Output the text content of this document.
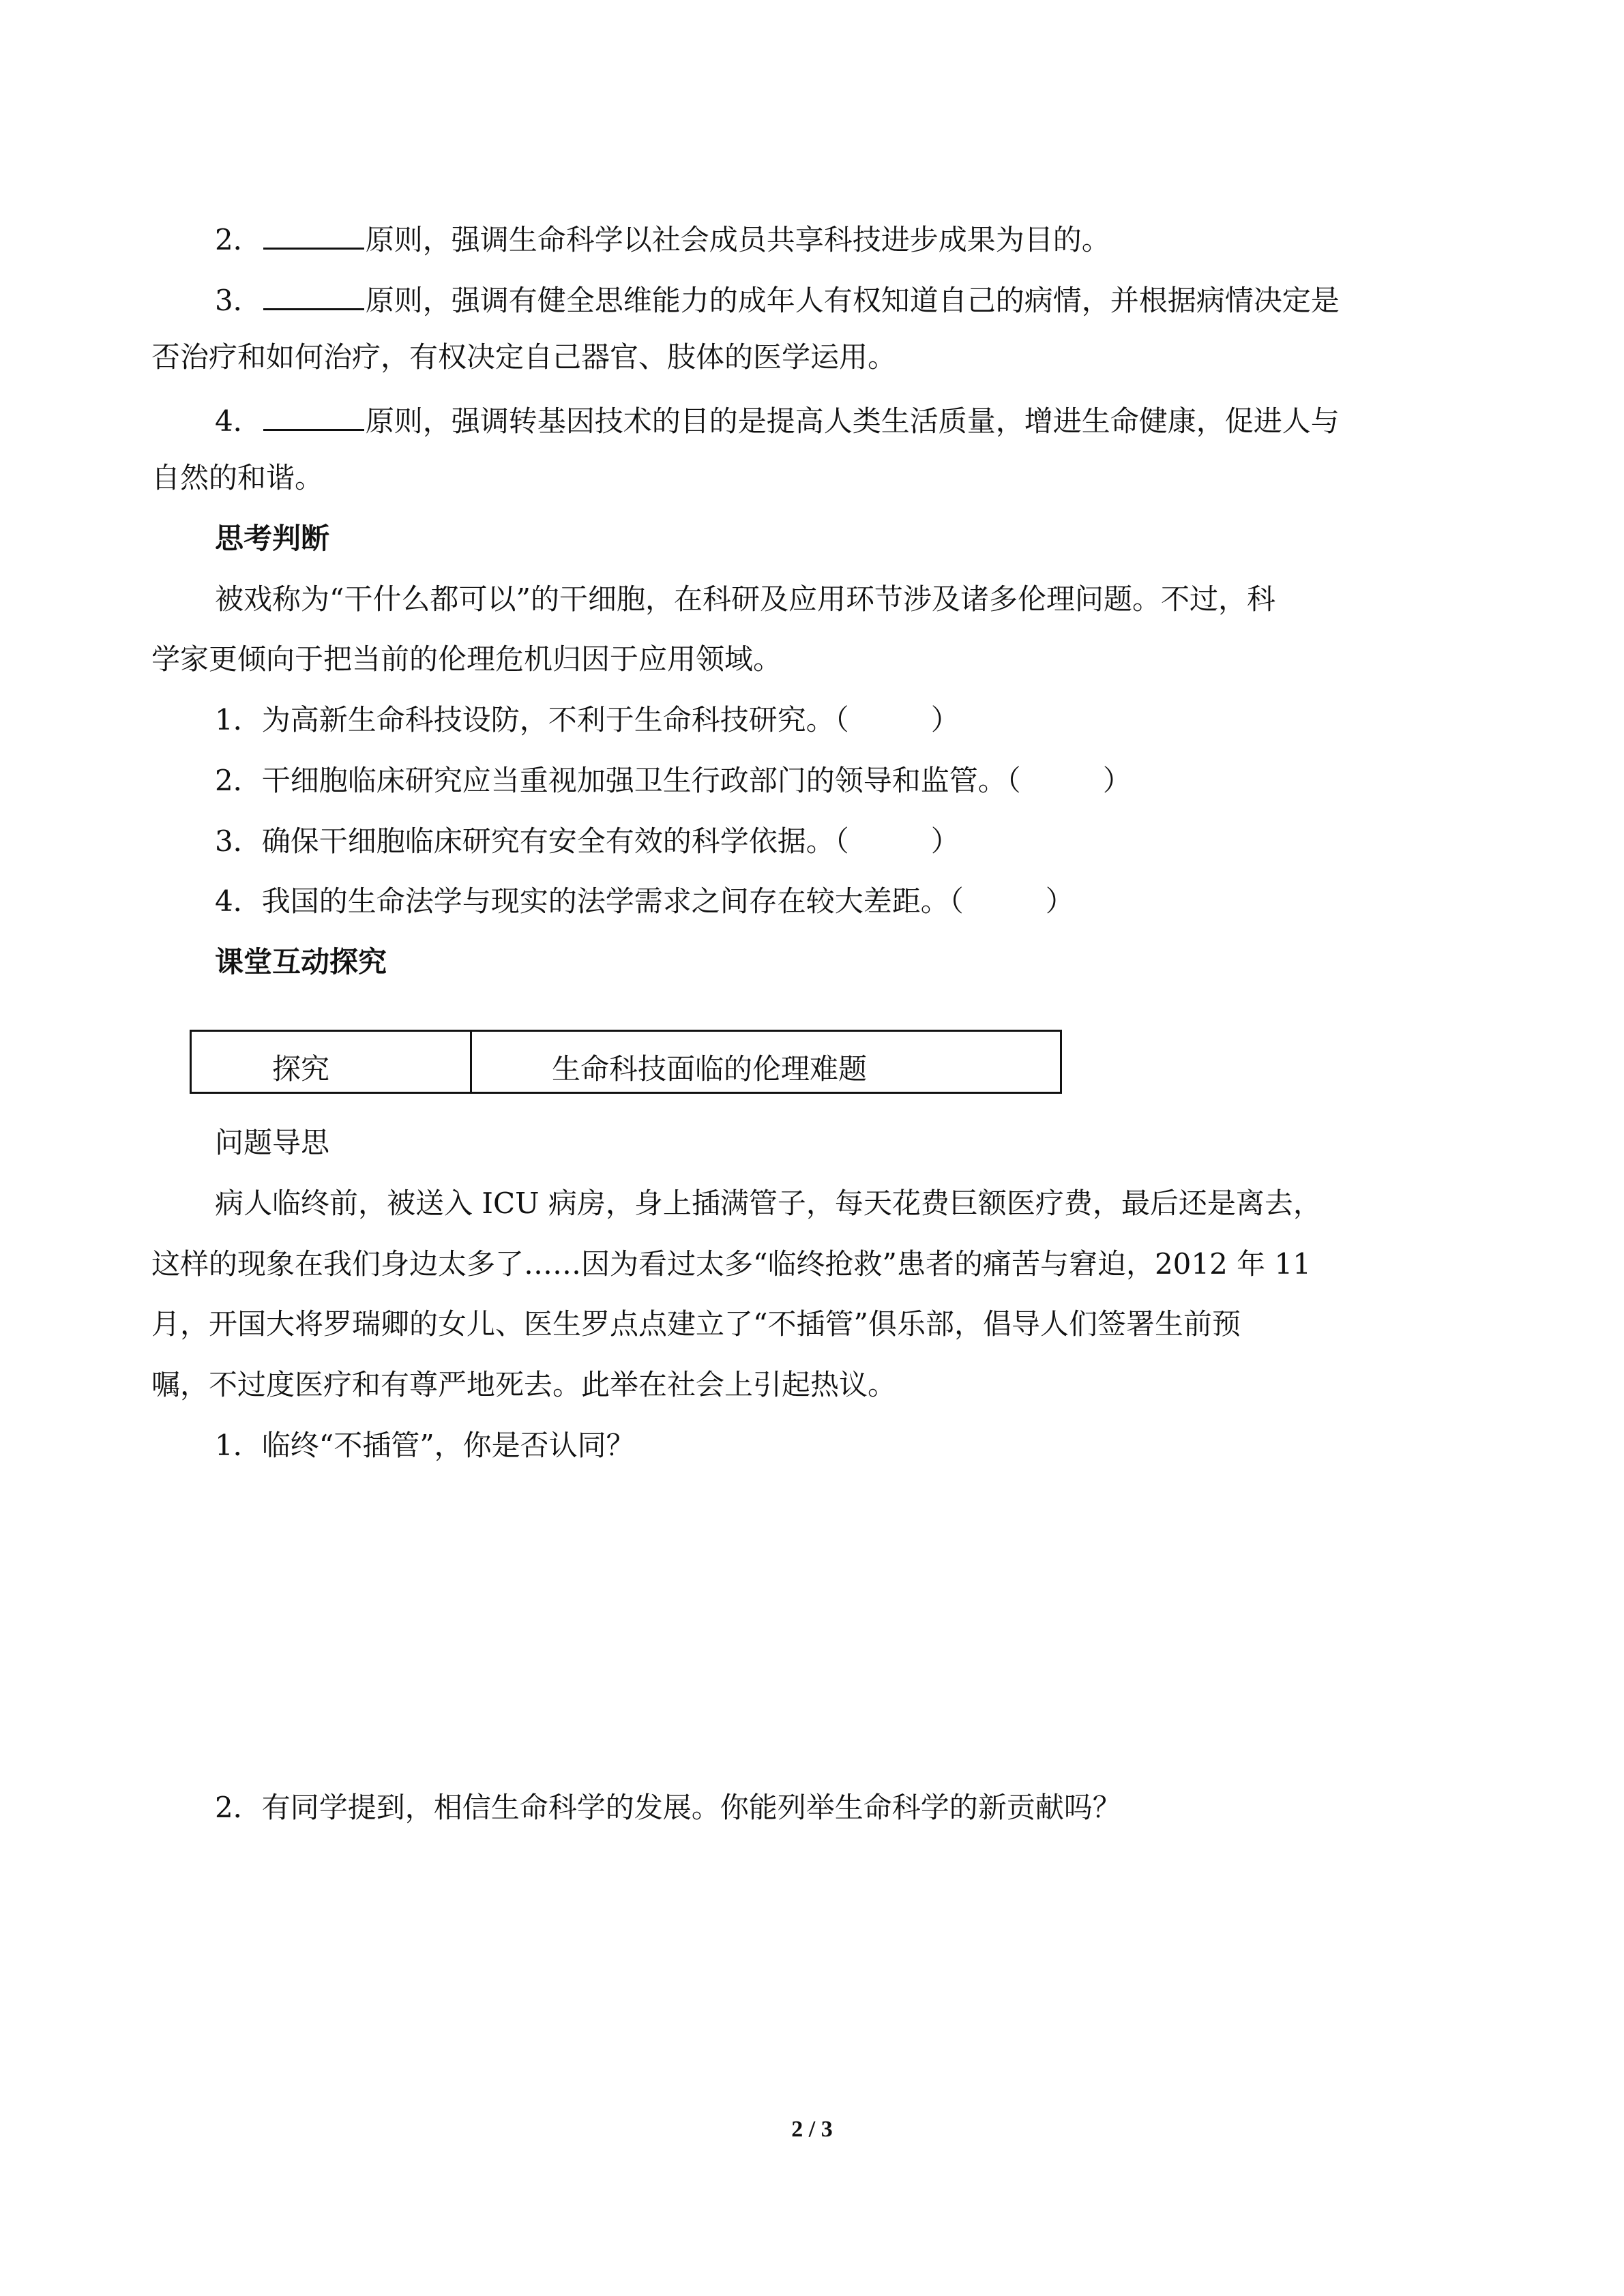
2．	原则，强调生命科学以社会成员共享科技进步成果为目的。
3．	原则，强调有健全思维能力的成年人有权知道自己的病情，并根据病情决定是
否治疗和如何治疗，有权决定自己器官、肢体的医学运用。
4．	原则，强调转基因技术的目的是提高人类生活质量，增进生命健康，促进人与
自然的和谐。
思考判断
被戏称为“干什么都可以”的干细胞，在科研及应用环节涉及诸多伦理问题。不过，科
学家更倾向于把当前的伦理危机归因于应用领域。
1．为高新生命科技设防，不利于生命科技研究。（	）
2．干细胞临床研究应当重视加强卫生行政部门的领导和监管。（	）
3．确保干细胞临床研究有安全有效的科学依据。（	）
4．我国的生命法学与现实的法学需求之间存在较大差距。（	）
课堂互动探究
探究	生命科技面临的伦理难题
问题导思
病人临终前，被送入 ICU 病房，身上插满管子，每天花费巨额医疗费，最后还是离去，
这样的现象在我们身边太多了……因为看过太多“临终抢救”患者的痛苦与窘迫，2012 年 11
月，开国大将罗瑞卿的女儿、医生罗点点建立了“不插管”俱乐部，倡导人们签署生前预
嘱，不过度医疗和有尊严地死去。此举在社会上引起热议。
1．临终“不插管”，你是否认同？
2．有同学提到，相信生命科学的发展。你能列举生命科学的新贡献吗？
2 / 3
